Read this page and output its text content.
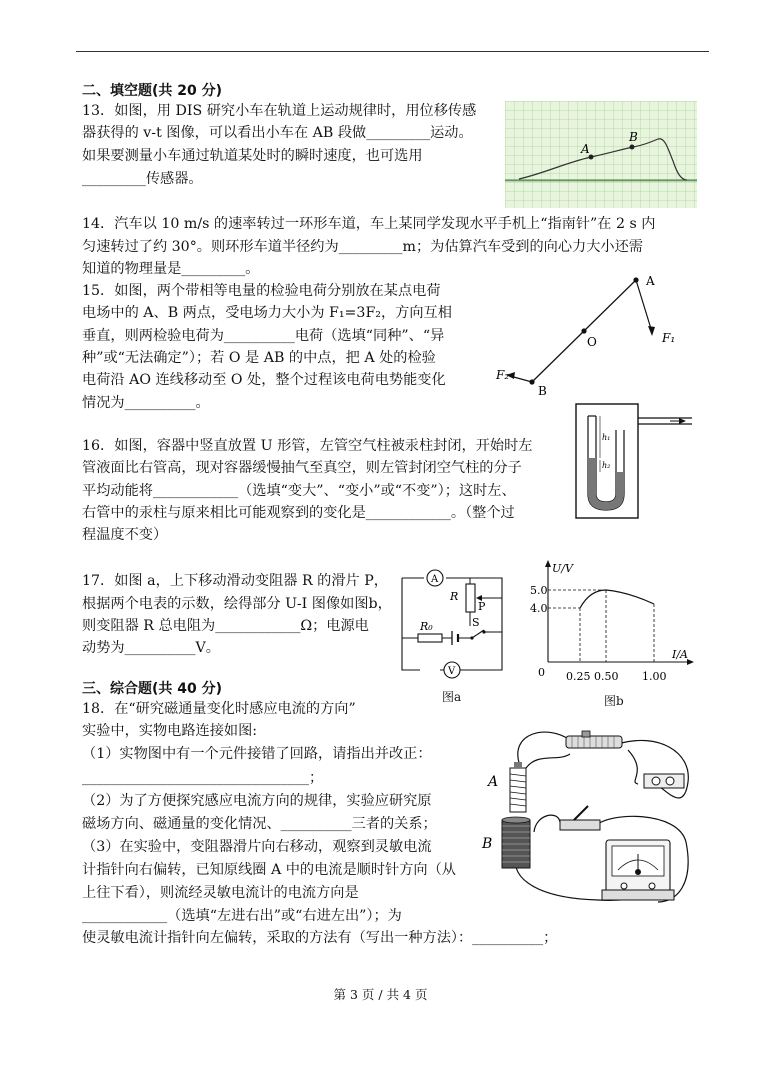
二、填空题(共 20 分)
13．如图，用 DIS 研究小车在轨道上运动规律时，用位移传感
器获得的 v-t 图像，可以看出小车在 AB 段做_________运动。
如果要测量小车通过轨道某处时的瞬时速度，也可选用
_________传感器。
A
B
14．汽车以 10 m/s 的速率转过一环形车道，车上某同学发现水平手机上“指南针”在 2 s 内
匀速转过了约 30°。则环形车道半径约为_________m；为估算汽车受到的向心力大小还需
知道的物理量是_________。
15．如图，两个带相等电量的检验电荷分别放在某点电荷
电场中的 A、B 两点，受电场力大小为 F₁=3F₂，方向互相
垂直，则两检验电荷为__________电荷（选填“同种”、“异
种”或“无法确定”）；若 O 是 AB 的中点，把 A 处的检验
电荷沿 AO 连线移动至 O 处，整个过程该电荷电势能变化
情况为__________。
A
O
B
F₁
F₂
16．如图，容器中竖直放置 U 形管，左管空气柱被汞柱封闭，开始时左
管液面比右管高，现对容器缓慢抽气至真空，则左管封闭空气柱的分子
平均动能将____________（选填“变大”、“变小”或“不变”）；这时左、
右管中的汞柱与原来相比可能观察到的变化是____________。（整个过
程温度不变）
h₁
h₂
17．如图 a，上下移动滑动变阻器 R 的滑片 P，
根据两个电表的示数，绘得部分 U-I 图像如图b，
则变阻器 R 总电阻为____________Ω；电源电
动势为__________V。
A
R
P
R₀	S
V
图a
5.0
4.0
0 0.25 0.50 1.00
U/V
I/A
图b
三、综合题(共 40 分)
18．在“研究磁通量变化时感应电流的方向”
实验中，实物电路连接如图:
（1）实物图中有一个元件接错了回路，请指出并改正：
________________________________；
（2）为了方便探究感应电流方向的规律，实验应研究原
磁场方向、磁通量的变化情况、__________三者的关系；
（3）在实验中，变阻器滑片向右移动，观察到灵敏电流
计指针向右偏转，已知原线圈 A 中的电流是顺时针方向（从
上往下看），则流经灵敏电流计的电流方向是
____________（选填“左进右出”或“右进左出”）；为
使灵敏电流计指针向左偏转，采取的方法有（写出一种方法）：__________；
A
B
第 3 页 / 共 4 页
